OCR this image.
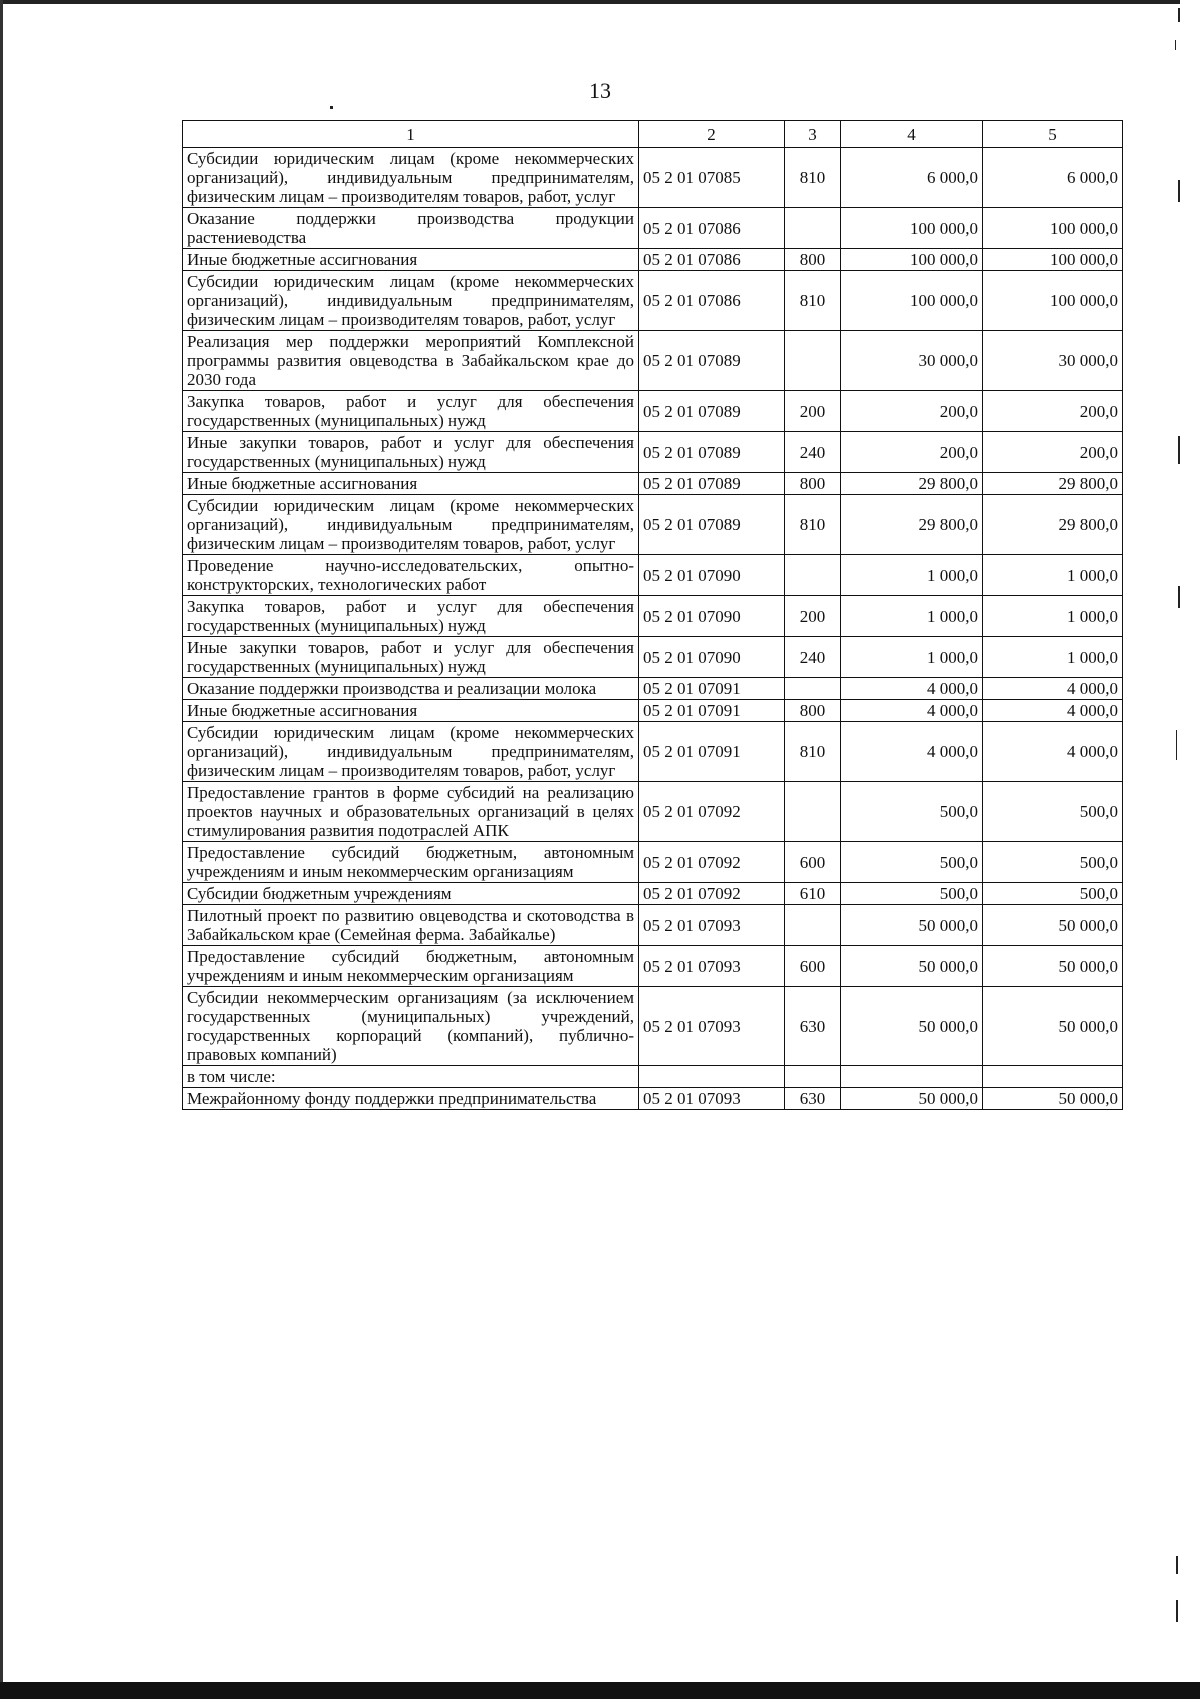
13
1	2	3	4	5
Субсидии юридическим лицам (кроме некоммерческих организаций), индивидуальным предпринимателям, физическим лицам – производителям товаров, работ, услуг	05 2 01 07085	810	6 000,0	6 000,0
Оказание поддержки производства продукции растениеводства	05 2 01 07086		100 000,0	100 000,0
Иные бюджетные ассигнования	05 2 01 07086	800	100 000,0	100 000,0
Субсидии юридическим лицам (кроме некоммерческих организаций), индивидуальным предпринимателям, физическим лицам – производителям товаров, работ, услуг	05 2 01 07086	810	100 000,0	100 000,0
Реализация мер поддержки мероприятий Комплексной программы развития овцеводства в Забайкальском крае до 2030 года	05 2 01 07089		30 000,0	30 000,0
Закупка товаров, работ и услуг для обеспечения государственных (муниципальных) нужд	05 2 01 07089	200	200,0	200,0
Иные закупки товаров, работ и услуг для обеспечения государственных (муниципальных) нужд	05 2 01 07089	240	200,0	200,0
Иные бюджетные ассигнования	05 2 01 07089	800	29 800,0	29 800,0
Субсидии юридическим лицам (кроме некоммерческих организаций), индивидуальным предпринимателям, физическим лицам – производителям товаров, работ, услуг	05 2 01 07089	810	29 800,0	29 800,0
Проведение научно-исследовательских, опытно-конструкторских, технологических работ	05 2 01 07090		1 000,0	1 000,0
Закупка товаров, работ и услуг для обеспечения государственных (муниципальных) нужд	05 2 01 07090	200	1 000,0	1 000,0
Иные закупки товаров, работ и услуг для обеспечения государственных (муниципальных) нужд	05 2 01 07090	240	1 000,0	1 000,0
Оказание поддержки производства и реализации молока	05 2 01 07091		4 000,0	4 000,0
Иные бюджетные ассигнования	05 2 01 07091	800	4 000,0	4 000,0
Субсидии юридическим лицам (кроме некоммерческих организаций), индивидуальным предпринимателям, физическим лицам – производителям товаров, работ, услуг	05 2 01 07091	810	4 000,0	4 000,0
Предоставление грантов в форме субсидий на реализацию проектов научных и образовательных организаций в целях стимулирования развития подотраслей АПК	05 2 01 07092		500,0	500,0
Предоставление субсидий бюджетным, автономным учреждениям и иным некоммерческим организациям	05 2 01 07092	600	500,0	500,0
Субсидии бюджетным учреждениям	05 2 01 07092	610	500,0	500,0
Пилотный проект по развитию овцеводства и скотоводства в Забайкальском крае (Семейная ферма. Забайкалье)	05 2 01 07093		50 000,0	50 000,0
Предоставление субсидий бюджетным, автономным учреждениям и иным некоммерческим организациям	05 2 01 07093	600	50 000,0	50 000,0
Субсидии некоммерческим организациям (за исключением государственных (муниципальных) учреждений, государственных корпораций (компаний), публично-правовых компаний)	05 2 01 07093	630	50 000,0	50 000,0
в том числе:				
Межрайонному фонду поддержки предпринимательства	05 2 01 07093	630	50 000,0	50 000,0
